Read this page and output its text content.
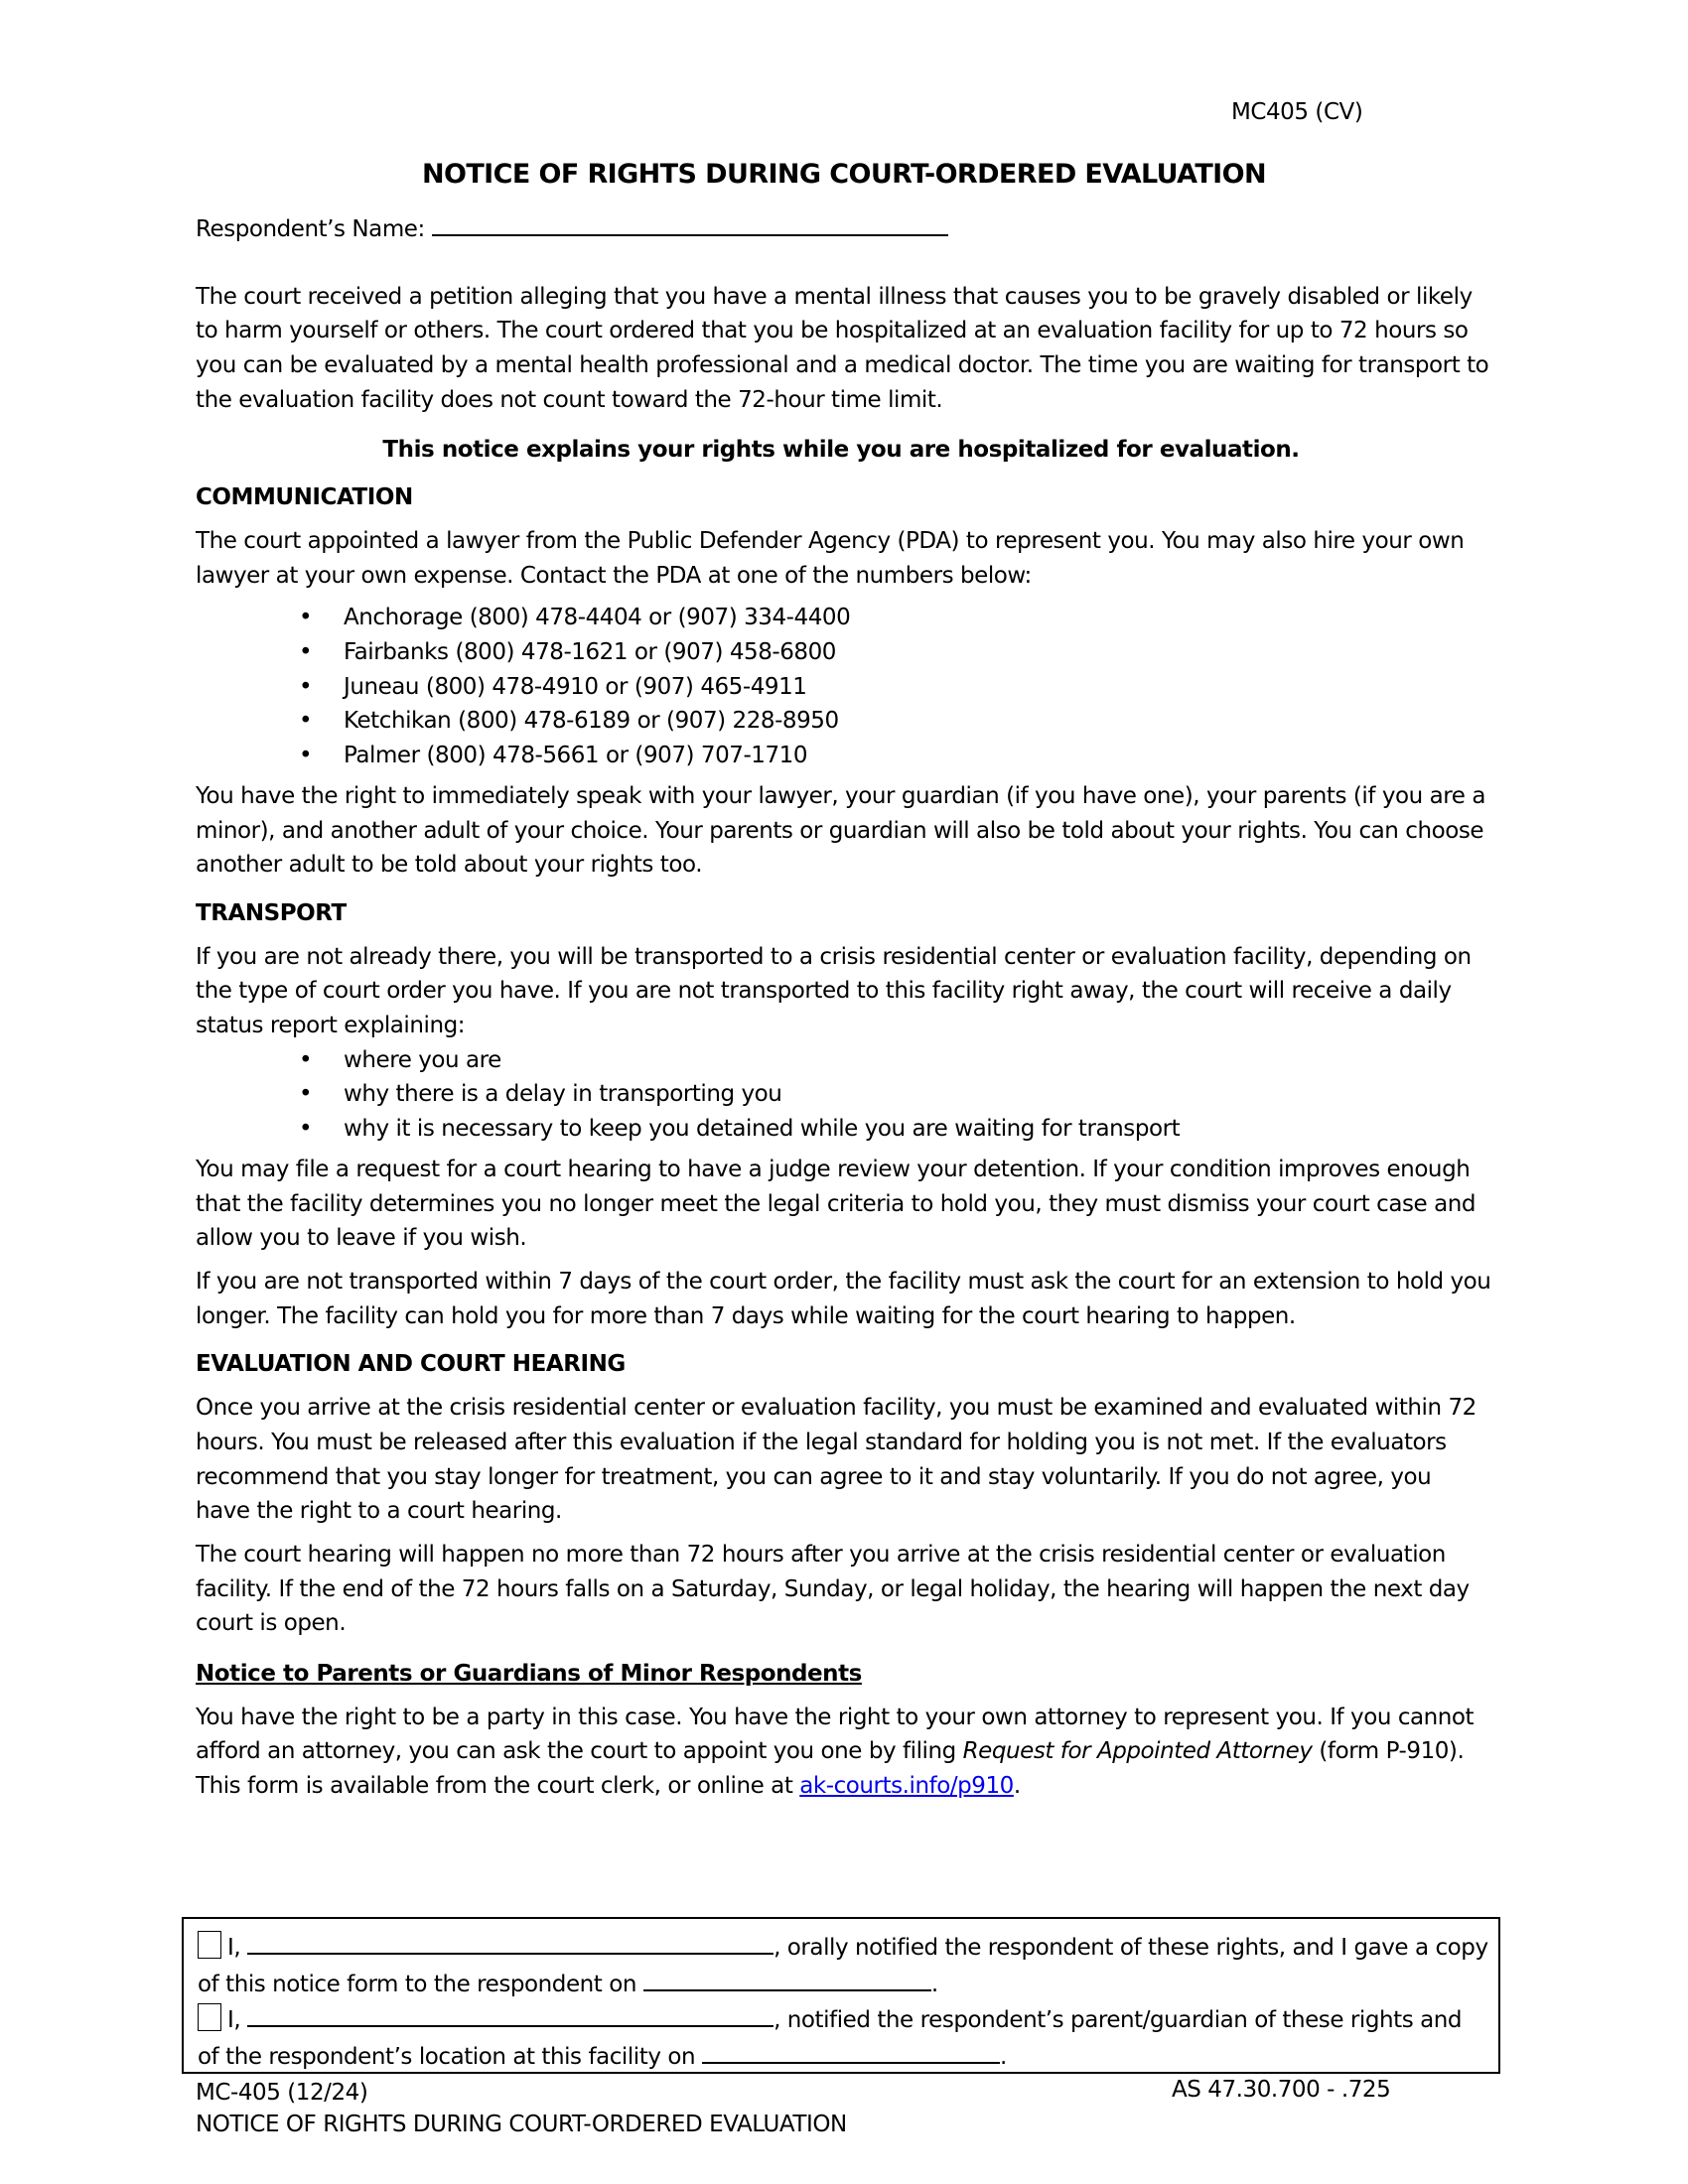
MC405 (CV)
NOTICE OF RIGHTS DURING COURT-ORDERED EVALUATION

Respondent’s Name:

The court received a petition alleging that you have a mental illness that causes you to be gravely disabled or likely to harm yourself or others. The court ordered that you be hospitalized at an evaluation facility for up to 72 hours so you can be evaluated by a mental health professional and a medical doctor. The time you are waiting for transport to the evaluation facility does not count toward the 72-hour time limit.

This notice explains your rights while you are hospitalized for evaluation.

COMMUNICATION

The court appointed a lawyer from the Public Defender Agency (PDA) to represent you. You may also hire your own lawyer at your own expense. Contact the PDA at one of the numbers below:

• Anchorage (800) 478-4404 or (907) 334-4400
• Fairbanks (800) 478-1621 or (907) 458-6800
• Juneau (800) 478-4910 or (907) 465-4911
• Ketchikan (800) 478-6189 or (907) 228-8950
• Palmer (800) 478-5661 or (907) 707-1710

You have the right to immediately speak with your lawyer, your guardian (if you have one), your parents (if you are a minor), and another adult of your choice. Your parents or guardian will also be told about your rights. You can choose another adult to be told about your rights too.

TRANSPORT

If you are not already there, you will be transported to a crisis residential center or evaluation facility, depending on the type of court order you have. If you are not transported to this facility right away, the court will receive a daily status report explaining:

• where you are
• why there is a delay in transporting you
• why it is necessary to keep you detained while you are waiting for transport

You may file a request for a court hearing to have a judge review your detention. If your condition improves enough that the facility determines you no longer meet the legal criteria to hold you, they must dismiss your court case and allow you to leave if you wish.

If you are not transported within 7 days of the court order, the facility must ask the court for an extension to hold you longer. The facility can hold you for more than 7 days while waiting for the court hearing to happen.

EVALUATION AND COURT HEARING

Once you arrive at the crisis residential center or evaluation facility, you must be examined and evaluated within 72 hours. You must be released after this evaluation if the legal standard for holding you is not met. If the evaluators recommend that you stay longer for treatment, you can agree to it and stay voluntarily. If you do not agree, you have the right to a court hearing.

The court hearing will happen no more than 72 hours after you arrive at the crisis residential center or evaluation facility. If the end of the 72 hours falls on a Saturday, Sunday, or legal holiday, the hearing will happen the next day court is open.

Notice to Parents or Guardians of Minor Respondents

You have the right to be a party in this case. You have the right to your own attorney to represent you. If you cannot afford an attorney, you can ask the court to appoint you one by filing Request for Appointed Attorney (form P-910). This form is available from the court clerk, or online at ak-courts.info/p910.

I,	, orally notified the respondent of these rights, and I gave a copy of this notice form to the respondent on	.

I,	, notified the respondent’s parent/guardian of these rights and of the respondent’s location at this facility on	.

MC-405 (12/24)
NOTICE OF RIGHTS DURING COURT-ORDERED EVALUATION
AS 47.30.700 - .725
